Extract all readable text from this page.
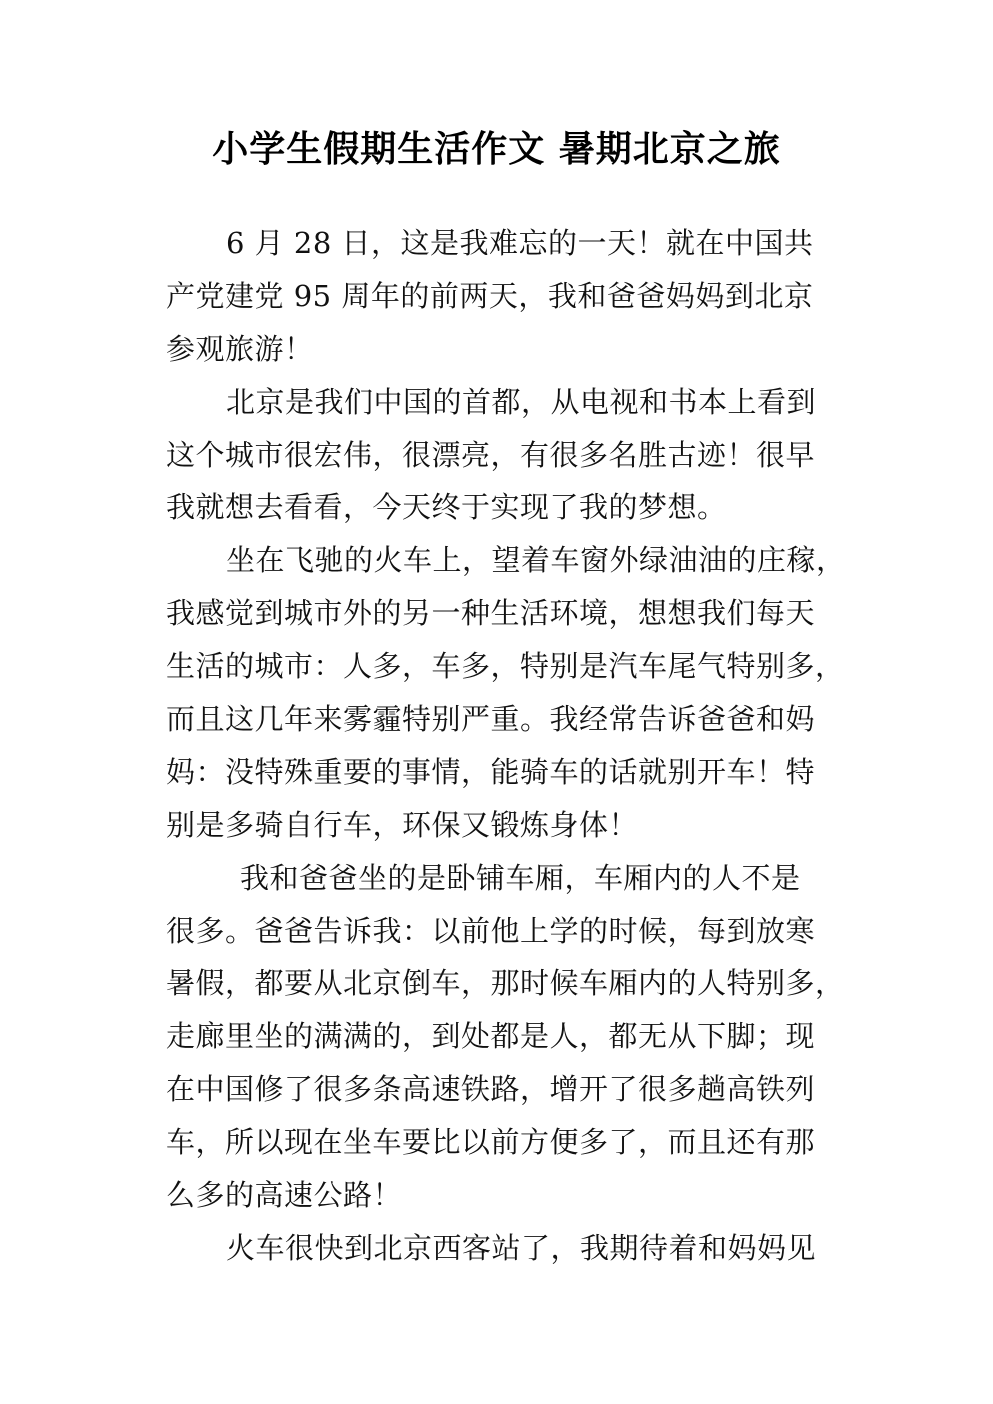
小学生假期生活作文 暑期北京之旅
6 月 28 日，这是我难忘的一天！就在中国共
产党建党 95 周年的前两天，我和爸爸妈妈到北京
参观旅游！
北京是我们中国的首都，从电视和书本上看到
这个城市很宏伟，很漂亮，有很多名胜古迹！很早
我就想去看看，今天终于实现了我的梦想。
坐在飞驰的火车上，望着车窗外绿油油的庄稼，
我感觉到城市外的另一种生活环境，想想我们每天
生活的城市：人多，车多，特别是汽车尾气特别多，
而且这几年来雾霾特别严重。我经常告诉爸爸和妈
妈：没特殊重要的事情，能骑车的话就别开车！特
别是多骑自行车，环保又锻炼身体！
我和爸爸坐的是卧铺车厢，车厢内的人不是
很多。爸爸告诉我：以前他上学的时候，每到放寒
暑假，都要从北京倒车，那时候车厢内的人特别多，
走廊里坐的满满的，到处都是人，都无从下脚；现
在中国修了很多条高速铁路，增开了很多趟高铁列
车，所以现在坐车要比以前方便多了，而且还有那
么多的高速公路！
火车很快到北京西客站了，我期待着和妈妈见
